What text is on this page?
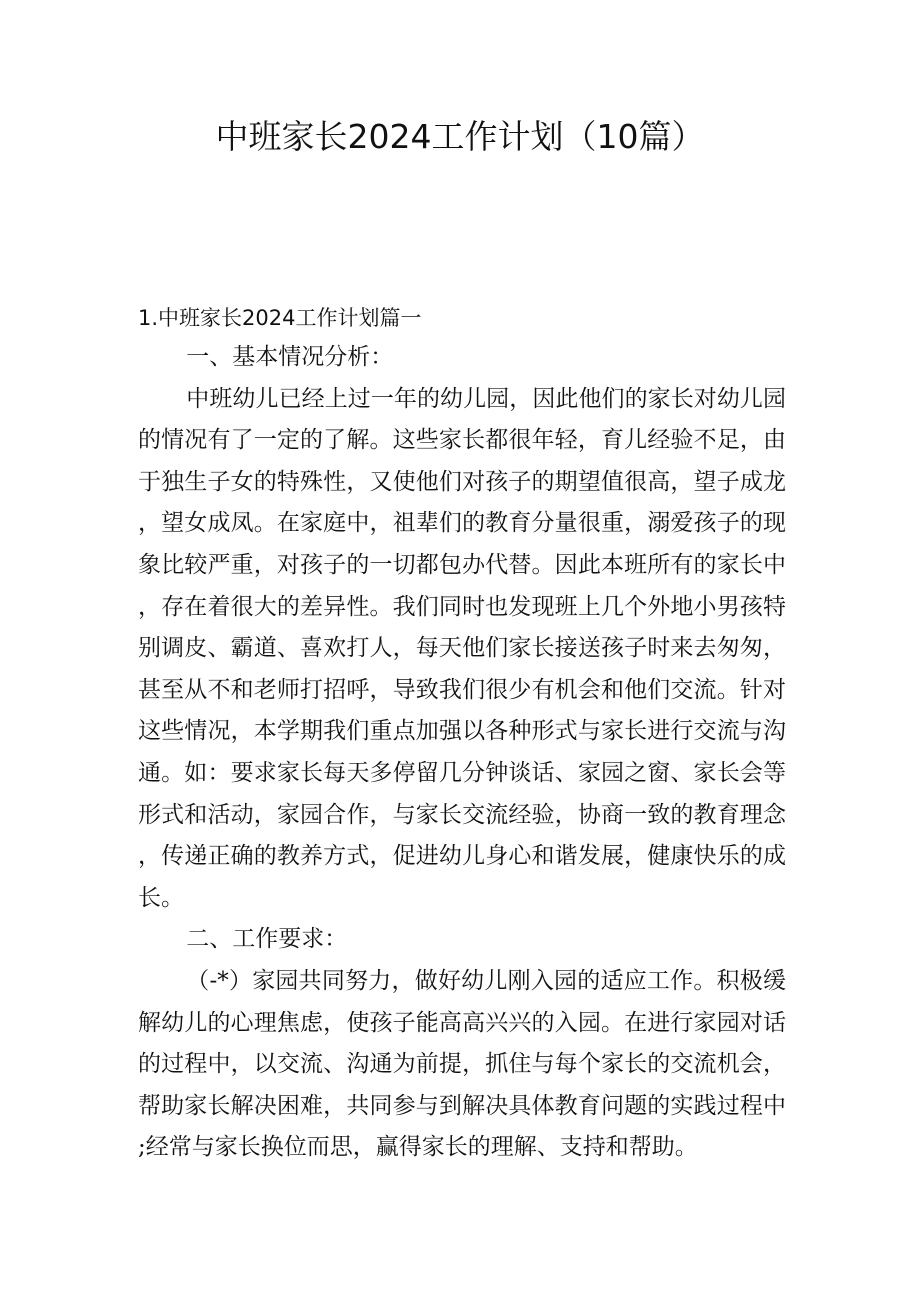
中班家长2024工作计划（10篇）
1.中班家长2024工作计划篇一

一、基本情况分析：

中班幼儿已经上过一年的幼儿园，因此他们的家长对幼儿园的情况有了一定的了解。这些家长都很年轻，育儿经验不足，由于独生子女的特殊性，又使他们对孩子的期望值很高，望子成龙，望女成凤。在家庭中，祖辈们的教育分量很重，溺爱孩子的现象比较严重，对孩子的一切都包办代替。因此本班所有的家长中，存在着很大的差异性。我们同时也发现班上几个外地小男孩特别调皮、霸道、喜欢打人，每天他们家长接送孩子时来去匆匆，甚至从不和老师打招呼，导致我们很少有机会和他们交流。针对这些情况，本学期我们重点加强以各种形式与家长进行交流与沟通。如：要求家长每天多停留几分钟谈话、家园之窗、家长会等形式和活动，家园合作，与家长交流经验，协商一致的教育理念，传递正确的教养方式，促进幼儿身心和谐发展，健康快乐的成长。

二、工作要求：

（-*）家园共同努力，做好幼儿刚入园的适应工作。积极缓解幼儿的心理焦虑，使孩子能高高兴兴的入园。在进行家园对话的过程中，以交流、沟通为前提，抓住与每个家长的交流机会，帮助家长解决困难，共同参与到解决具体教育问题的实践过程中;经常与家长换位而思，赢得家长的理解、支持和帮助。
